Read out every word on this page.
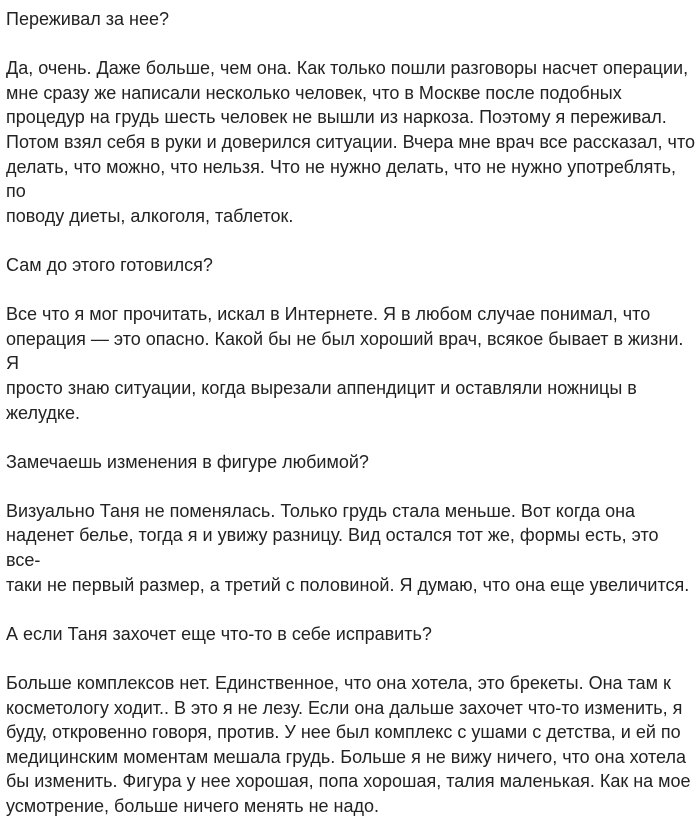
Переживал за нее?

Да, очень. Даже больше, чем она. Как только пошли разговоры насчет операции,
мне сразу же написали несколько человек, что в Москве после подобных
процедур на грудь шесть человек не вышли из наркоза. Поэтому я переживал.
Потом взял себя в руки и доверился ситуации. Вчера мне врач все рассказал, что
делать, что можно, что нельзя. Что не нужно делать, что не нужно употреблять, по
поводу диеты, алкоголя, таблеток.

Сам до этого готовился?

Все что я мог прочитать, искал в Интернете. Я в любом случае понимал, что
операция — это опасно. Какой бы не был хороший врач, всякое бывает в жизни. Я
просто знаю ситуации, когда вырезали аппендицит и оставляли ножницы в
желудке.

Замечаешь изменения в фигуре любимой?

Визуально Таня не поменялась. Только грудь стала меньше. Вот когда она
наденет белье, тогда я и увижу разницу. Вид остался тот же, формы есть, это все-
таки не первый размер, а третий с половиной. Я думаю, что она еще увеличится.

А если Таня захочет еще что-то в себе исправить?

Больше комплексов нет. Единственное, что она хотела, это брекеты. Она там к
косметологу ходит.. В это я не лезу. Если она дальше захочет что-то изменить, я
буду, откровенно говоря, против. У нее был комплекс с ушами с детства, и ей по
медицинским моментам мешала грудь. Больше я не вижу ничего, что она хотела
бы изменить. Фигура у нее хорошая, попа хорошая, талия маленькая. Как на мое
усмотрение, больше ничего менять не надо.
